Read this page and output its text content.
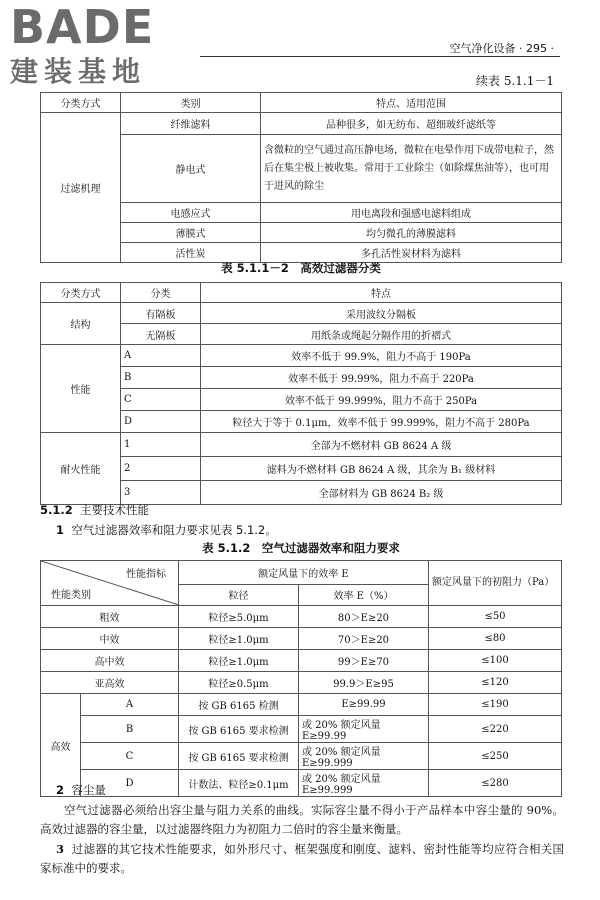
BADE
建装基地
空气净化设备 · 295 ·
续表 5.1.1－1
分类方式	类别	特点、适用范围
过滤机理	纤维滤料	品种很多，如无纺布、超细玻纤滤纸等
	静电式	含微粒的空气通过高压静电场，微粒在电晕作用下成带电粒子，然后在集尘极上被收集。常用于工业除尘（如除煤焦油等），也可用于进风的除尘
	电感应式	用电离段和强感电滤料组成
	薄膜式	均匀微孔的薄膜滤料
	活性炭	多孔活性炭材料为滤料
表 5.1.1－2　高效过滤器分类
分类方式	分类	特点
结构	有隔板	采用波纹分隔板
	无隔板	用纸条或绳起分隔作用的折褶式
性能	A	效率不低于 99.9%，阻力不高于 190Pa
	B	效率不低于 99.99%，阻力不高于 220Pa
	C	效率不低于 99.999%，阻力不高于 250Pa
	D	粒径大于等于 0.1μm，效率不低于 99.999%，阻力不高于 280Pa
耐火性能	1	全部为不燃材料 GB 8624 A 级
	2	滤料为不燃材料 GB 8624 A 级，其余为 B₁ 级材料
	3	全部材料为 GB 8624 B₂ 级
5.1.2 主要技术性能
1 空气过滤器效率和阻力要求见表 5.1.2。
表 5.1.2　空气过滤器效率和阻力要求
性能指标
性能类别		额定风量下的效率 E		额定风量下的初阻力（Pa）
		粒径	效率 E（%）	
粗效		粒径≥5.0μm	80＞E≥20	≤50
中效		粒径≥1.0μm	70＞E≥20	≤80
高中效		粒径≥1.0μm	99＞E≥70	≤100
亚高效		粒径≥0.5μm	99.9＞E≥95	≤120
高效	A	按 GB 6165 检测	E≥99.99	≤190
	B	按 GB 6165 要求检测	或 20% 额定风量 E≥99.99	≤220
	C	按 GB 6165 要求检测	或 20% 额定风量 E≥99.999	≤250
	D	计数法、粒径≥0.1μm	或 20% 额定风量 E≥99.999	≤280
2 容尘量
空气过滤器必须给出容尘量与阻力关系的曲线。实际容尘量不得小于产品样本中容尘量的 90%。高效过滤器的容尘量，以过滤器终阻力为初阻力二倍时的容尘量来衡量。
3 过滤器的其它技术性能要求，如外形尺寸、框架强度和刚度、滤料、密封性能等均应符合相关国家标准中的要求。
